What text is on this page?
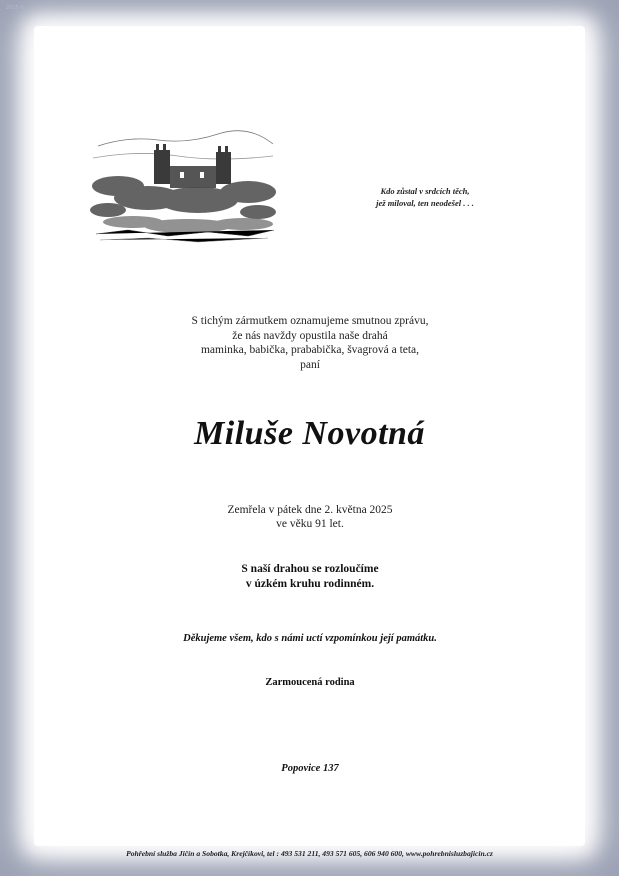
2025-0
Kdo zůstal v srdcích těch,
jež miloval, ten neodešel . . .
S tichým zármutkem oznamujeme smutnou zprávu,
že nás navždy opustila naše drahá
maminka, babička, prababička, švagrová a teta,
paní
Miluše Novotná
Zemřela v pátek dne 2. května 2025
ve věku 91 let.
S naší drahou se rozloučíme
v úzkém kruhu rodinném.
Děkujeme všem, kdo s námi uctí vzpomínkou její památku.
Zarmoucená rodina
Popovice 137
Pohřební služba Jičín a Sobotka, Krejčíkovi, tel : 493 531 211, 493 571 605, 606 940 600, www.pohrebnisluzbajicin.cz
